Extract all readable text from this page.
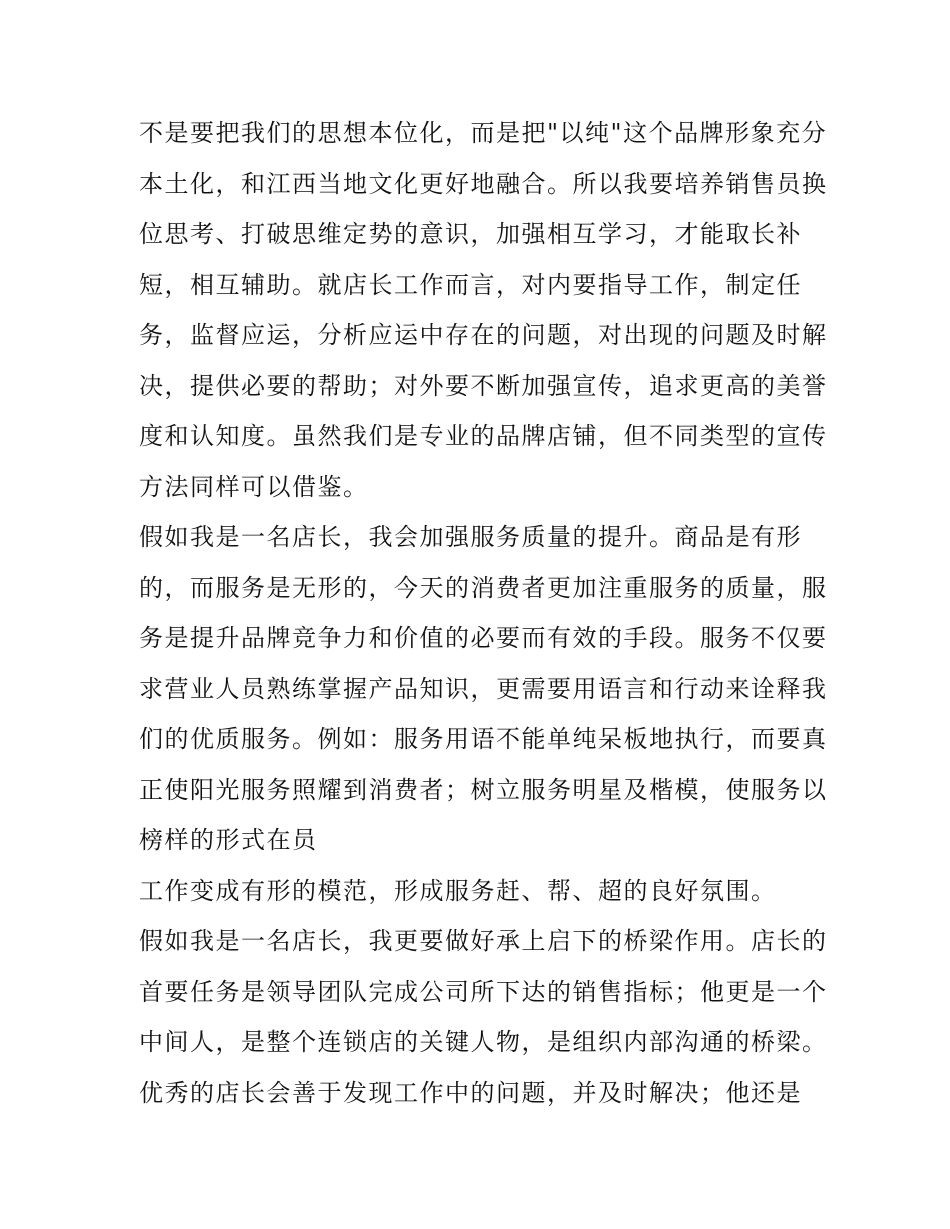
不是要把我们的思想本位化，而是把"以纯"这个品牌形象充分
本土化，和江西当地文化更好地融合。所以我要培养销售员换
位思考、打破思维定势的意识，加强相互学习，才能取长补
短，相互辅助。就店长工作而言，对内要指导工作，制定任
务，监督应运，分析应运中存在的问题，对出现的问题及时解
决，提供必要的帮助；对外要不断加强宣传，追求更高的美誉
度和认知度。虽然我们是专业的品牌店铺，但不同类型的宣传
方法同样可以借鉴。
假如我是一名店长，我会加强服务质量的提升。商品是有形
的，而服务是无形的，今天的消费者更加注重服务的质量，服
务是提升品牌竞争力和价值的必要而有效的手段。服务不仅要
求营业人员熟练掌握产品知识，更需要用语言和行动来诠释我
们的优质服务。例如：服务用语不能单纯呆板地执行，而要真
正使阳光服务照耀到消费者；树立服务明星及楷模，使服务以
榜样的形式在员
工作变成有形的模范，形成服务赶、帮、超的良好氛围。
假如我是一名店长，我更要做好承上启下的桥梁作用。店长的
首要任务是领导团队完成公司所下达的销售指标；他更是一个
中间人，是整个连锁店的关键人物，是组织内部沟通的桥梁。
优秀的店长会善于发现工作中的问题，并及时解决；他还是
